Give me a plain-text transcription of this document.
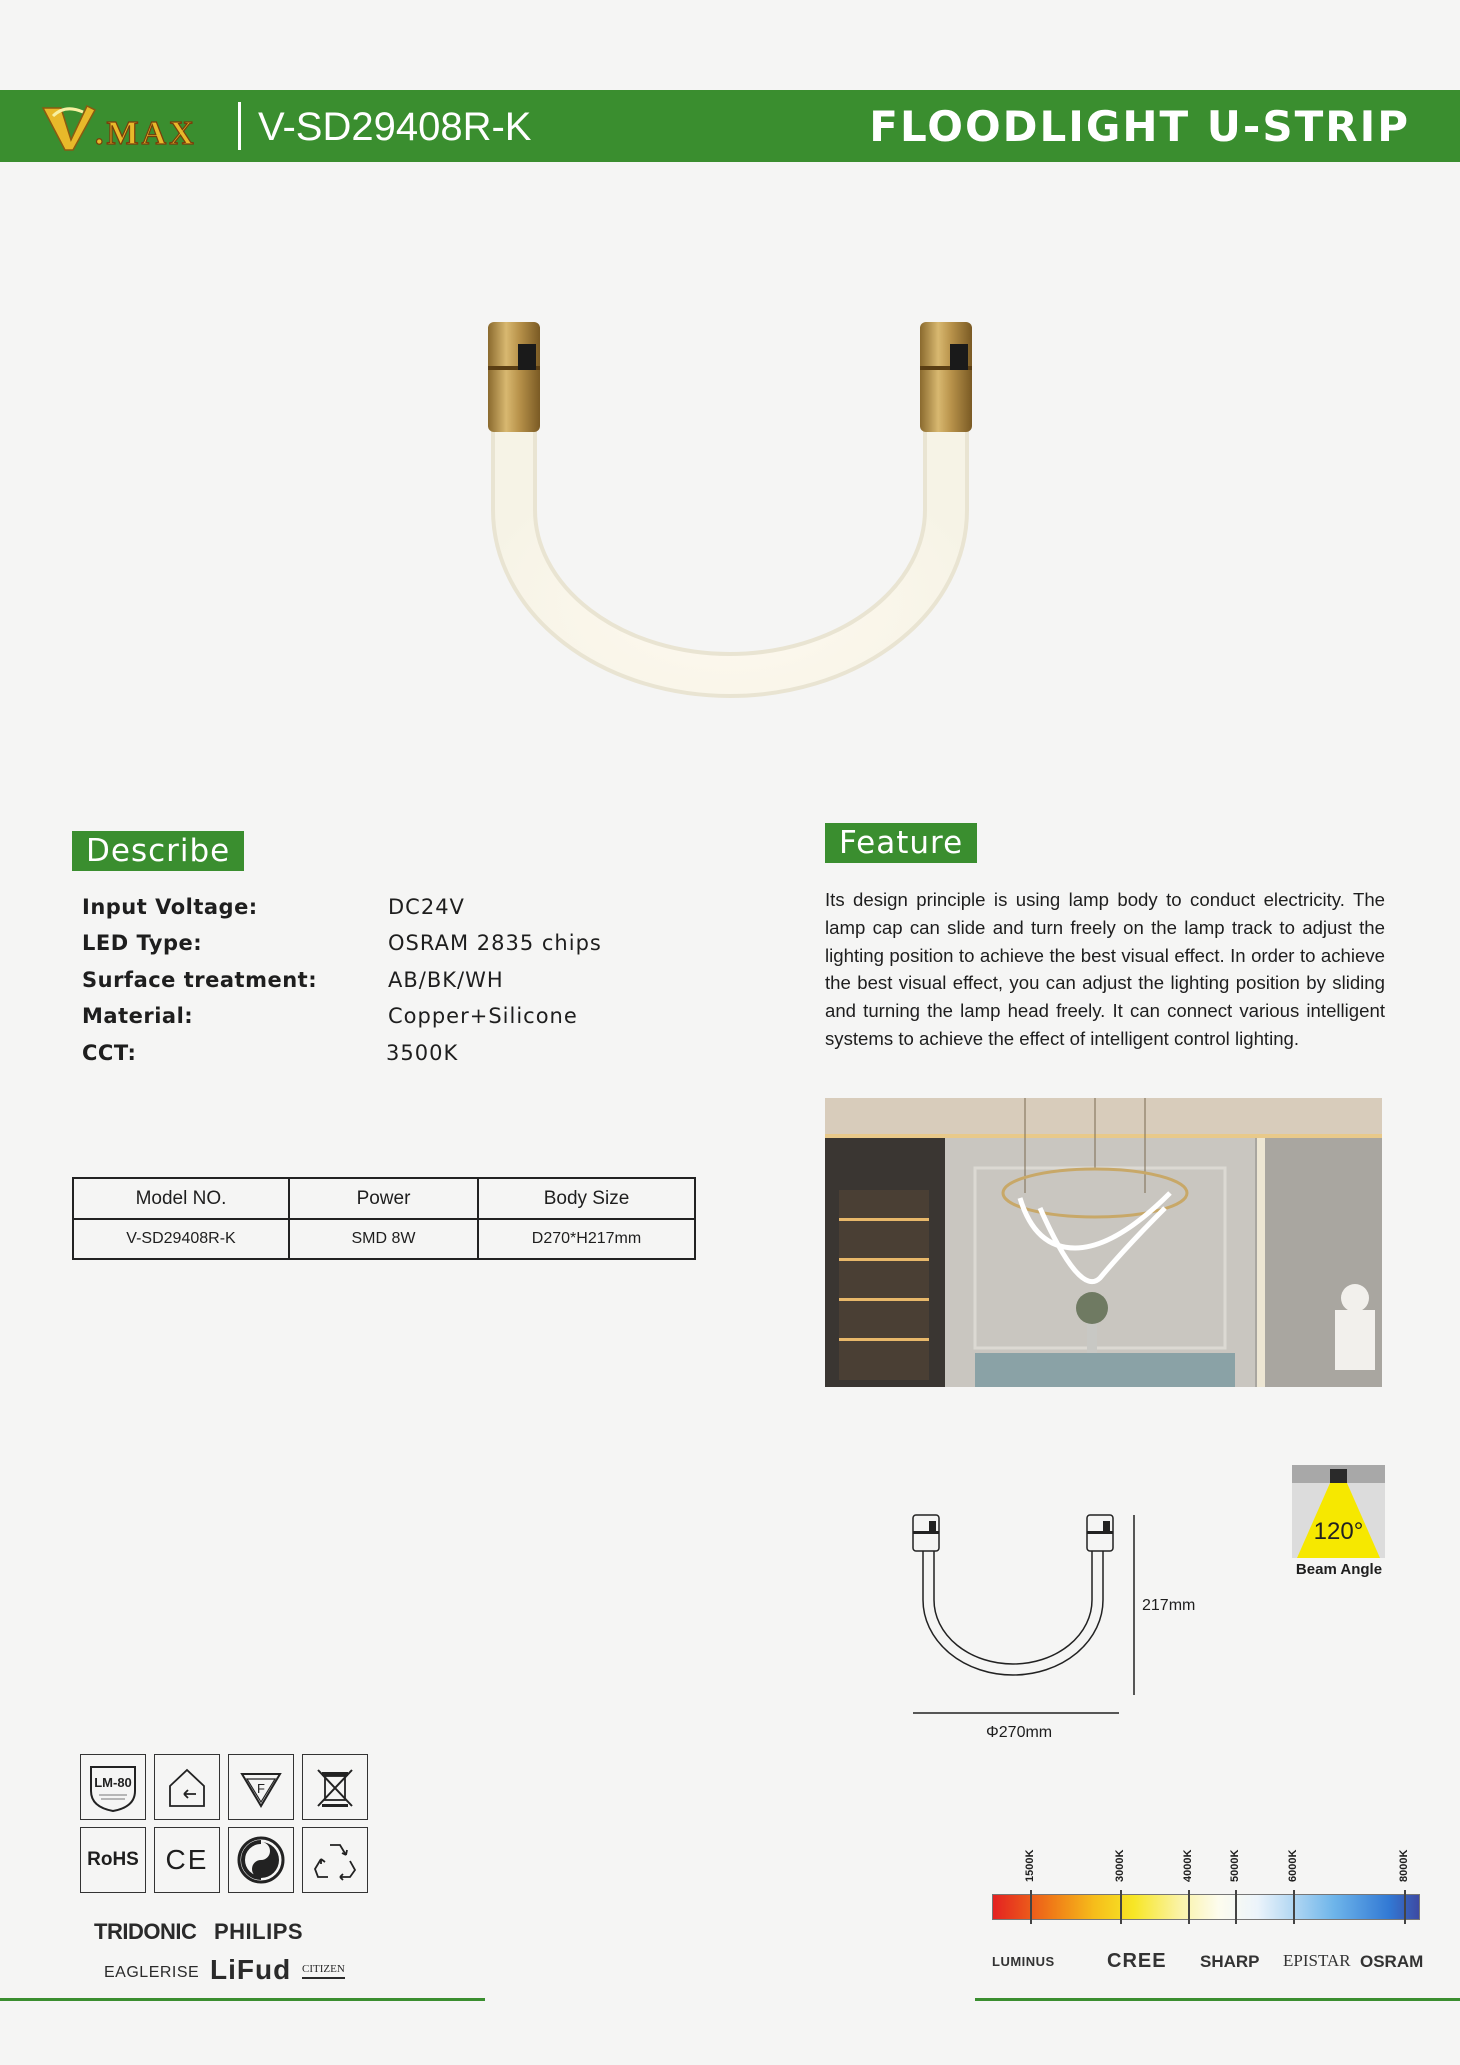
.MAX V-SD29408R-K	FLOODLIGHT U-STRIP
Describe
Input Voltage:	DC24V
LED Type:	OSRAM 2835 chips
Surface treatment:	AB/BK/WH
Material:	Copper+Silicone
CCT:	3500K
Model NO.	Power	Body Size
V-SD29408R-K	SMD 8W	D270*H217mm
Feature
Its design principle is using lamp body to conduct electricity. The lamp cap can slide and turn freely on the lamp track to adjust the lighting position to achieve the best visual effect. In order to achieve the best visual effect, you can adjust the lighting position by sliding and turning the lamp head freely. It can connect various intelligent systems to achieve the effect of intelligent control lighting.
120°
Beam Angle
217mm
Φ270mm
LM-80	F
RoHS CE
TRIDONIC PHILIPS
EAGLERISE LiFud CITIZEN
1500K	3000K	4000K	5000K	6000K	8000K
LUMINUS	CREE SHARP EPISTAR OSRAM
